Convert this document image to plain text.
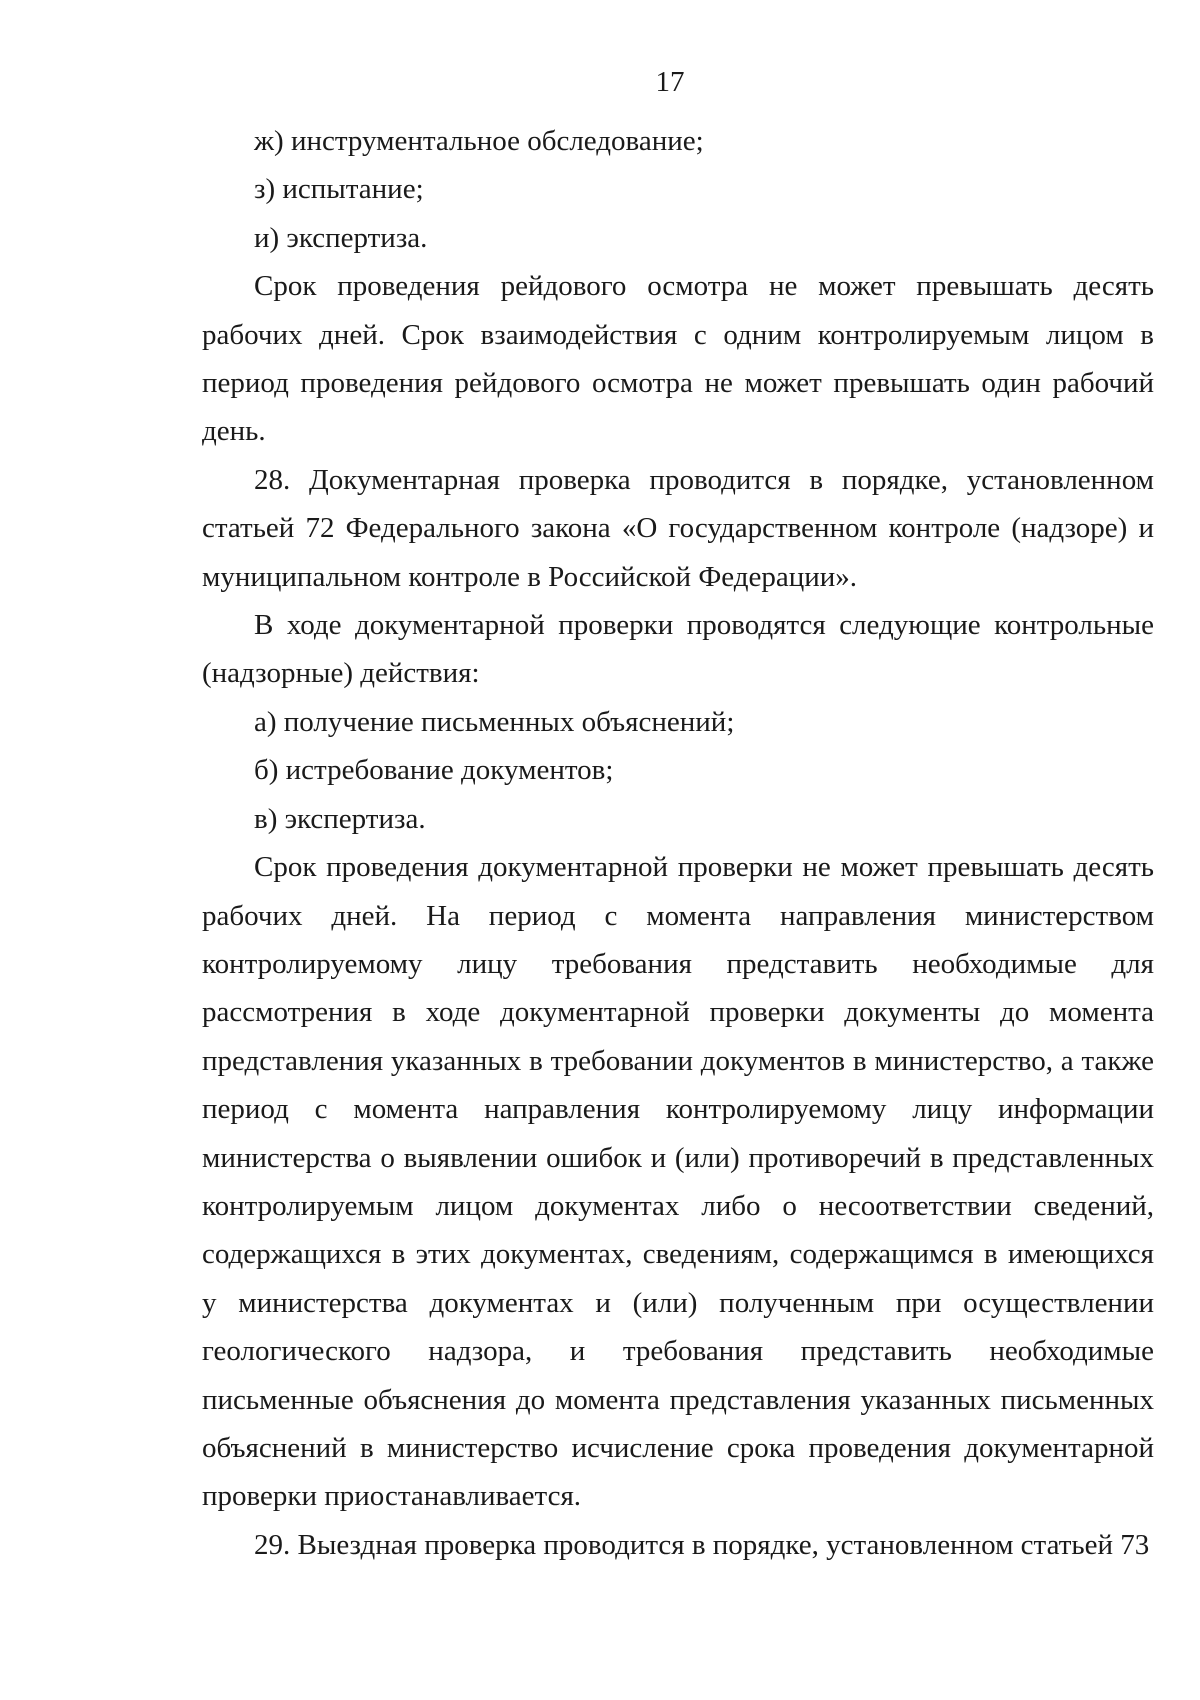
17

ж) инструментальное обследование;

з) испытание;

и) экспертиза.

Срок проведения рейдового осмотра не может превышать десять рабочих дней. Срок взаимодействия с одним контролируемым лицом в период проведения рейдового осмотра не может превышать один рабочий день.

28. Документарная проверка проводится в порядке, установленном статьей 72 Федерального закона «О государственном контроле (надзоре) и муниципальном контроле в Российской Федерации».

В ходе документарной проверки проводятся следующие контрольные (надзорные) действия:

а) получение письменных объяснений;

б) истребование документов;

в) экспертиза.

Срок проведения документарной проверки не может превышать десять рабочих дней. На период с момента направления министерством контролируемому лицу требования представить необходимые для рассмотрения в ходе документарной проверки документы до момента представления указанных в требовании документов в министерство, а также период с момента направления контролируемому лицу информации министерства о выявлении ошибок и (или) противоречий в представленных контролируемым лицом документах либо о несоответствии сведений, содержащихся в этих документах, сведениям, содержащимся в имеющихся у министерства документах и (или) полученным при осуществлении геологического надзора, и требования представить необходимые письменные объяснения до момента представления указанных письменных объяснений в министерство исчисление срока проведения документарной проверки приостанавливается.

29. Выездная проверка проводится в порядке, установленном статьей 73
